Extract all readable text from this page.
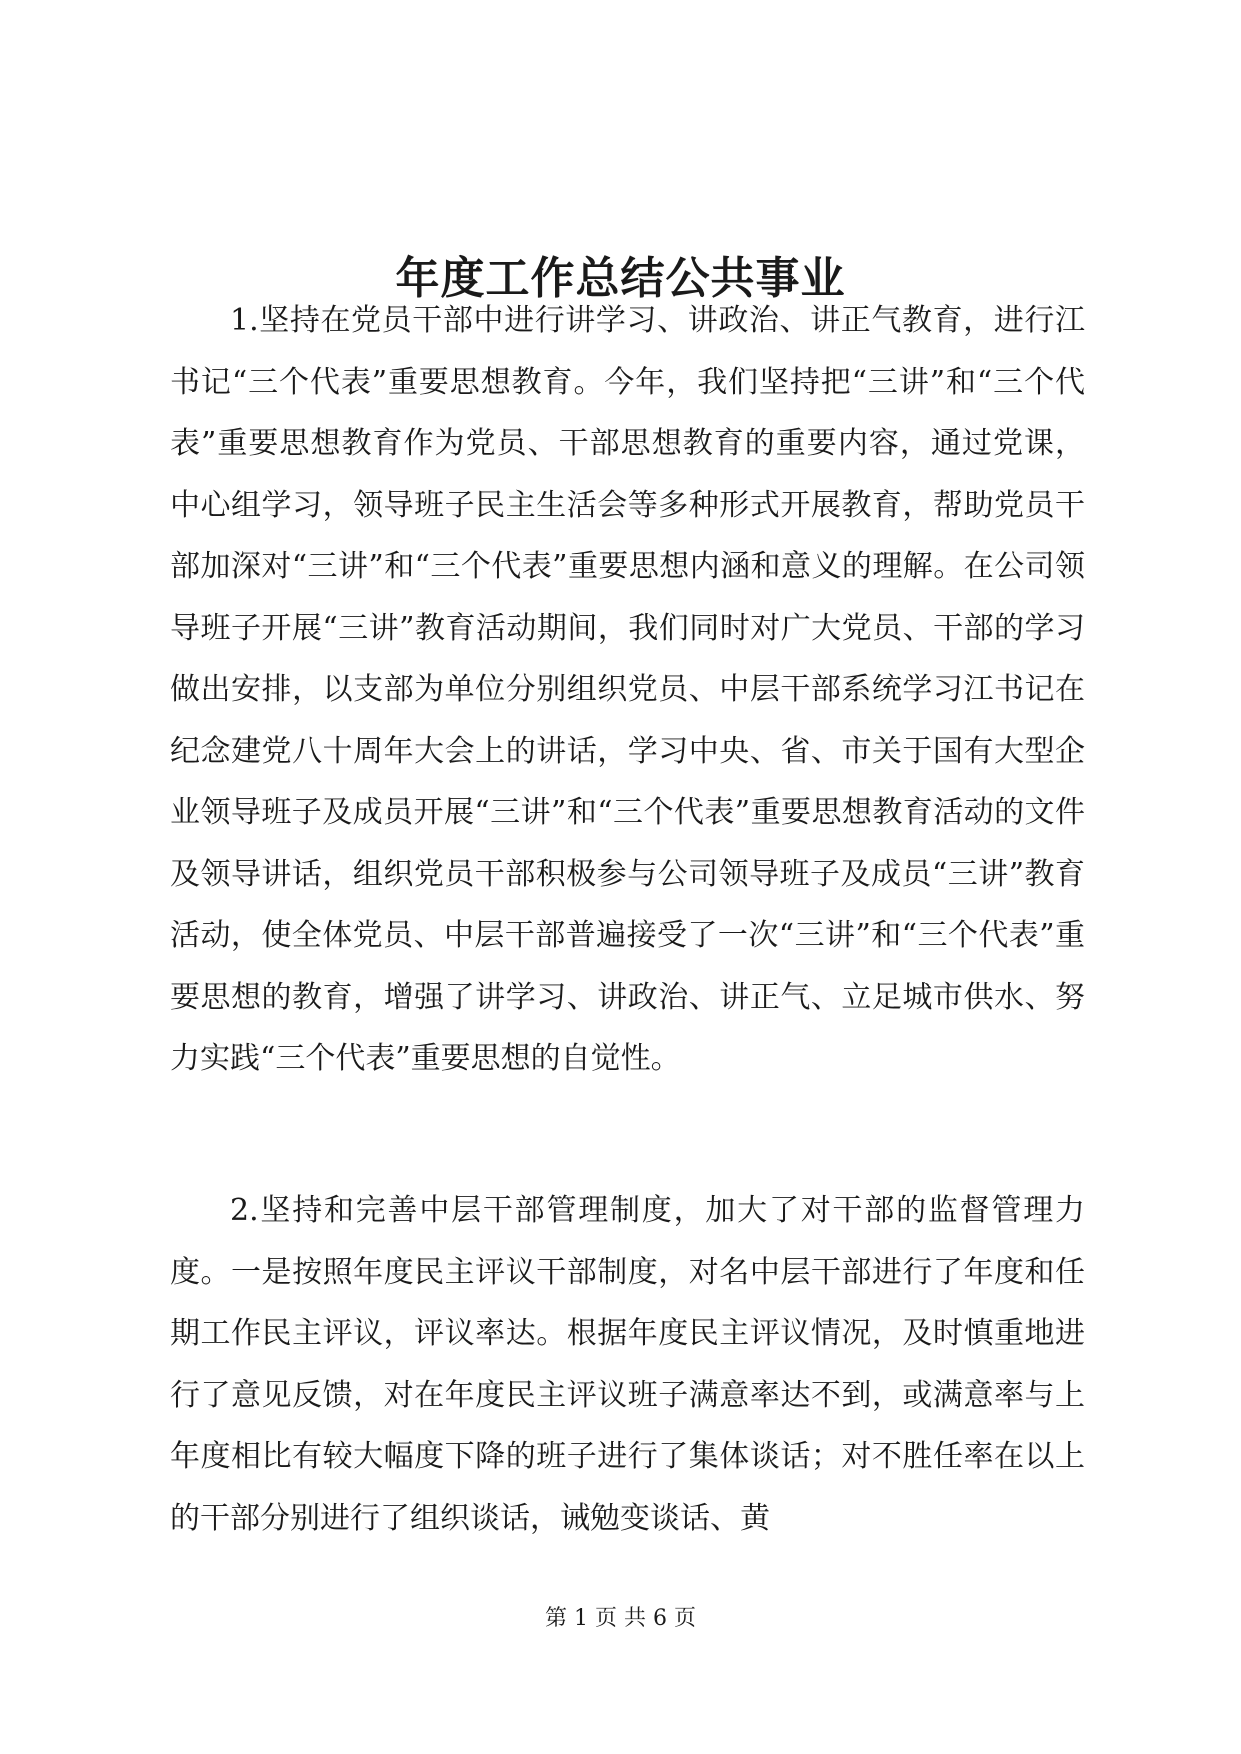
年度工作总结公共事业

1.坚持在党员干部中进行讲学习、讲政治、讲正气教育，进行江书记“三个代表”重要思想教育。今年，我们坚持把“三讲”和“三个代表”重要思想教育作为党员、干部思想教育的重要内容，通过党课，中心组学习，领导班子民主生活会等多种形式开展教育，帮助党员干部加深对“三讲”和“三个代表”重要思想内涵和意义的理解。在公司领导班子开展“三讲”教育活动期间，我们同时对广大党员、干部的学习做出安排，以支部为单位分别组织党员、中层干部系统学习江书记在纪念建党八十周年大会上的讲话，学习中央、省、市关于国有大型企业领导班子及成员开展“三讲”和“三个代表”重要思想教育活动的文件及领导讲话，组织党员干部积极参与公司领导班子及成员“三讲”教育活动，使全体党员、中层干部普遍接受了一次“三讲”和“三个代表”重要思想的教育，增强了讲学习、讲政治、讲正气、立足城市供水、努力实践“三个代表”重要思想的自觉性。

2.坚持和完善中层干部管理制度，加大了对干部的监督管理力度。一是按照年度民主评议干部制度，对名中层干部进行了年度和任期工作民主评议，评议率达。根据年度民主评议情况，及时慎重地进行了意见反馈，对在年度民主评议班子满意率达不到，或满意率与上年度相比有较大幅度下降的班子进行了集体谈话；对不胜任率在以上的干部分别进行了组织谈话，诫勉变谈话、黄

第 1 页 共 6 页
